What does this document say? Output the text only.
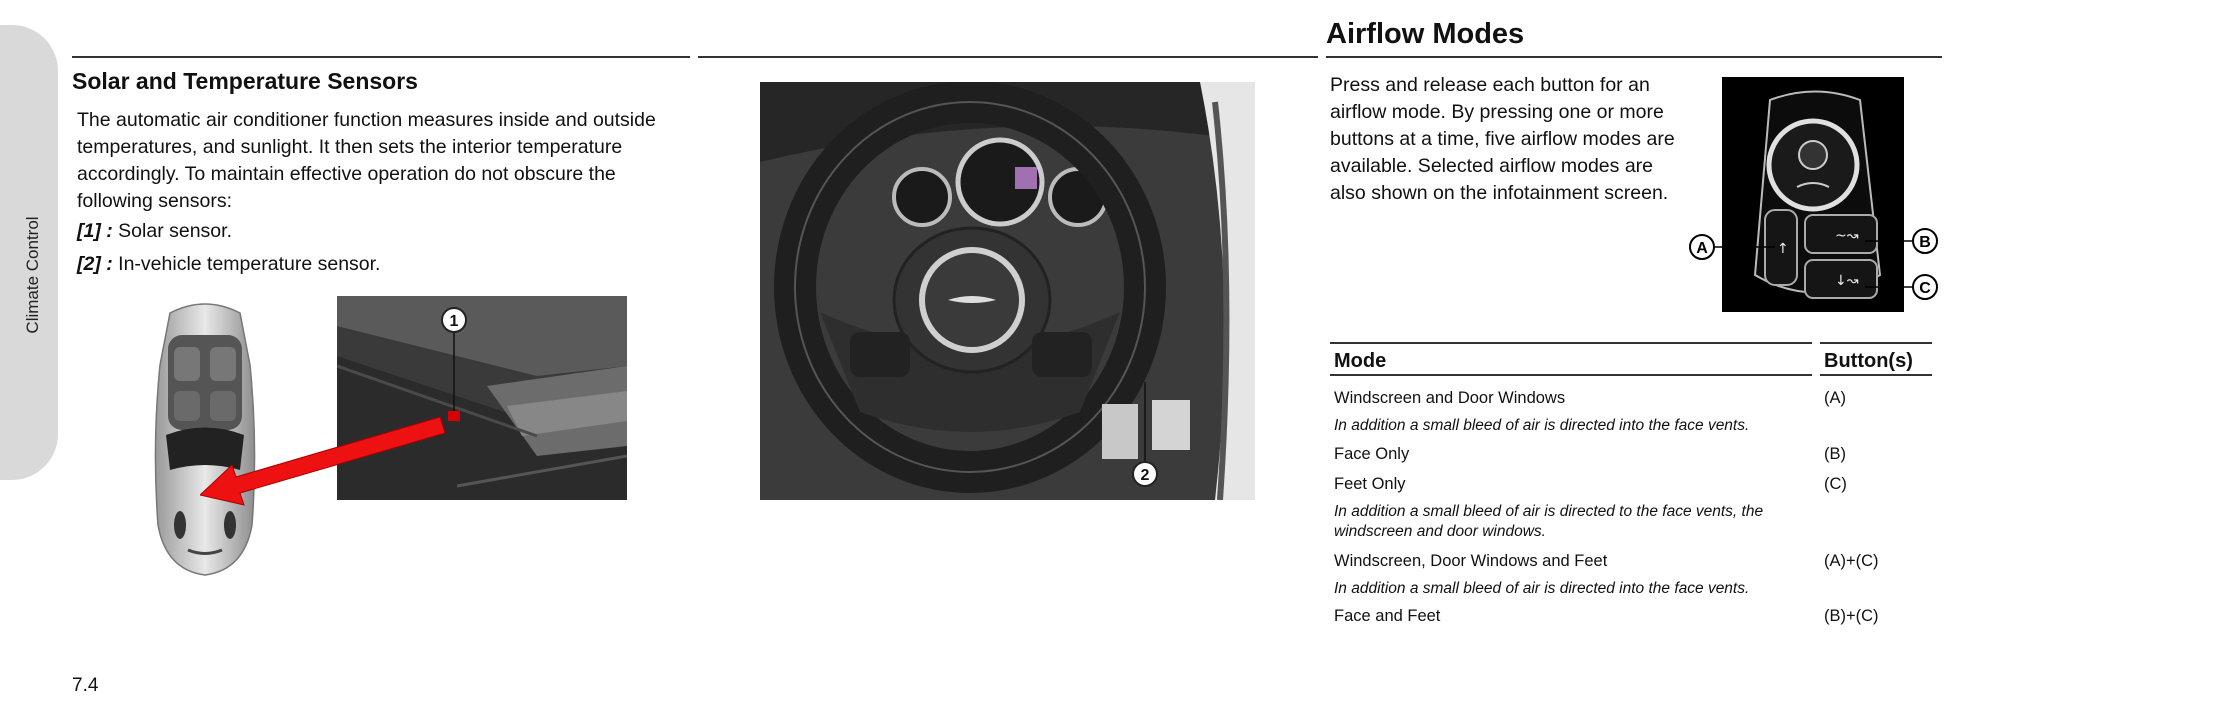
Climate Control
Solar and Temperature Sensors

The automatic air conditioner function measures inside and outside temperatures, and sunlight. It then sets the interior temperature accordingly. To maintain effective operation do not obscure the following sensors:

[1] : Solar sensor.
[2] : In-vehicle temperature sensor.
1
2
Airflow Modes

Press and release each button for an airflow mode. By pressing one or more buttons at a time, five airflow modes are available. Selected airflow modes are also shown on the infotainment screen.

~↝
↓↝
↑
A	B
C
Mode	Button(s)
Windscreen and Door Windows	(A)
In addition a small bleed of air is directed into the face vents.
Face Only	(B)
Feet Only	(C)
In addition a small bleed of air is directed to the face vents, the windscreen and door windows.
Windscreen, Door Windows and Feet	(A)+(C)
In addition a small bleed of air is directed into the face vents.
Face and Feet	(B)+(C)
7.4
